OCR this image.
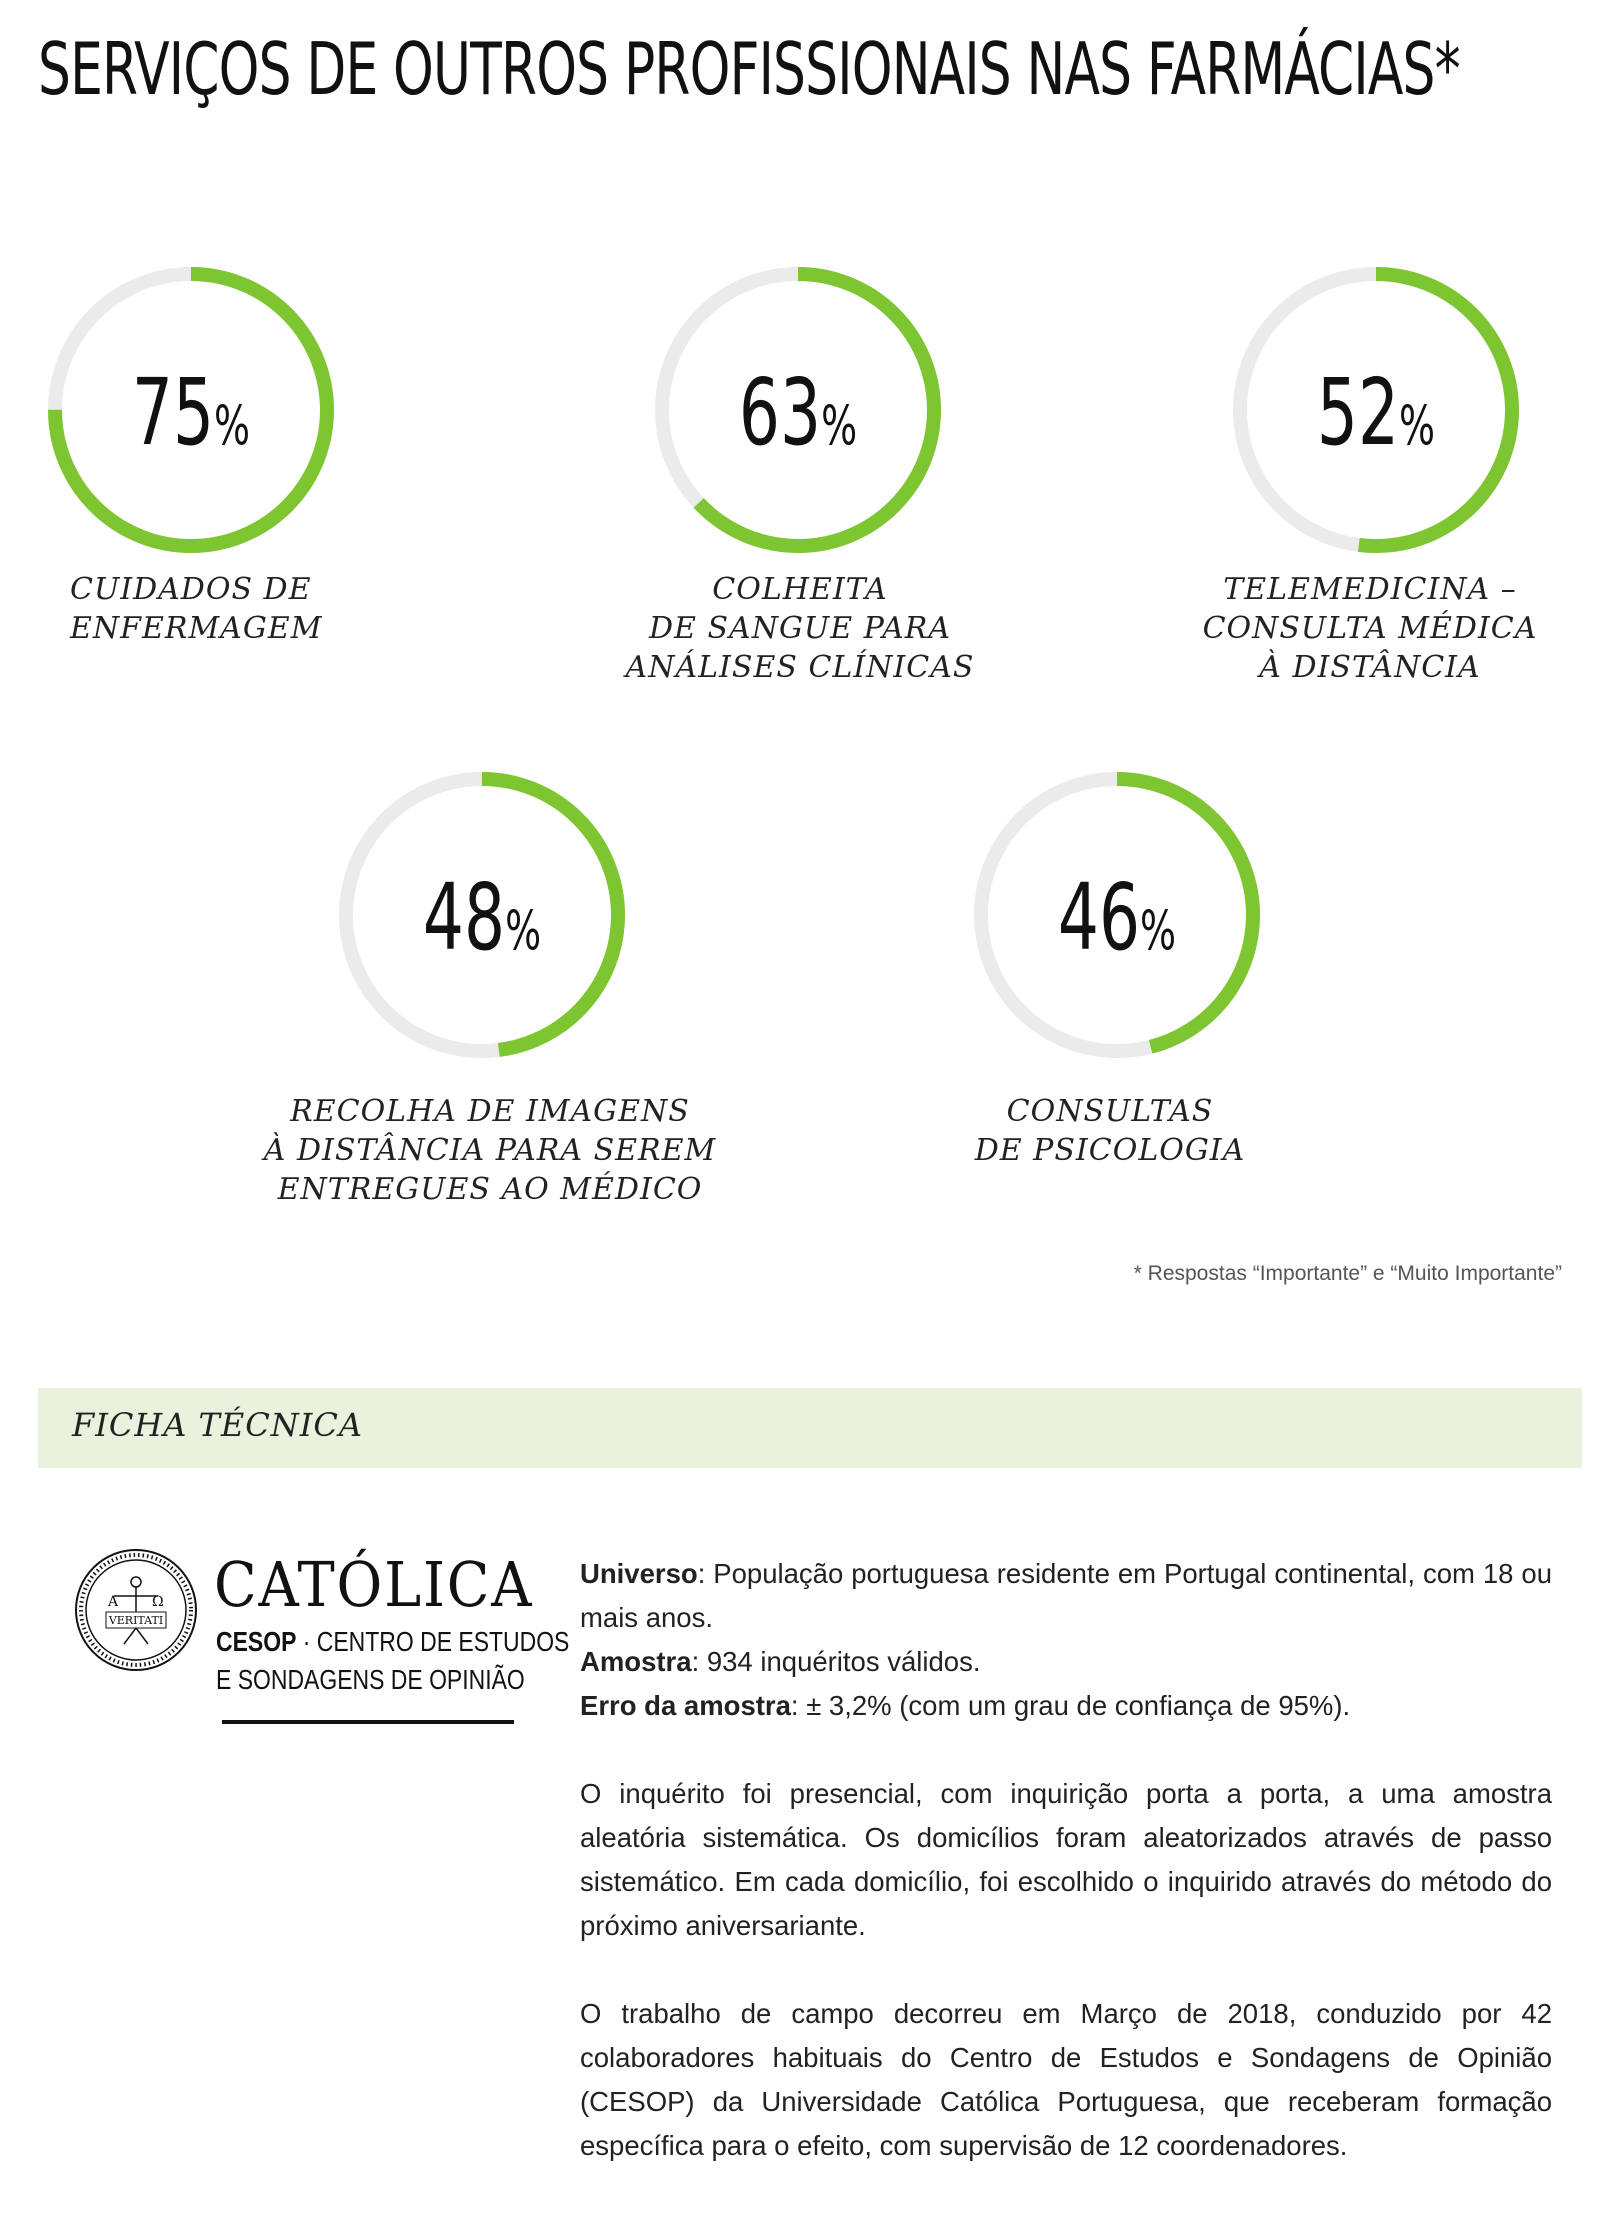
SERVIÇOS DE OUTROS PROFISSIONAIS NAS FARMÁCIAS*
75%	63%	52%
48%	46%
CUIDADOS DE
ENFERMAGEM
COLHEITA
DE SANGUE PARA
ANÁLISES CLÍNICAS
TELEMEDICINA –
CONSULTA MÉDICA
À DISTÂNCIA
RECOLHA DE IMAGENS
À DISTÂNCIA PARA SEREM
ENTREGUES AO MÉDICO
CONSULTAS
DE PSICOLOGIA
* Respostas “Importante” e “Muito Importante”
FICHA TÉCNICA
A Ω
VERITATI CATÓLICA
CESOP · CENTRO DE ESTUDOS
E SONDAGENS DE OPINIÃO

Universo: População portuguesa residente em Portugal continental, com 18 ou mais anos.

Amostra: 934 inquéritos válidos.

Erro da amostra: ± 3,2% (com um grau de confiança de 95%).

O inquérito foi presencial, com inquirição porta a porta, a uma amostra aleatória sistemática. Os domicílios foram aleatorizados através de passo sistemático. Em cada domicílio, foi escolhido o inquirido através do método do próximo aniversariante.

O trabalho de campo decorreu em Março de 2018, conduzido por 42 colaboradores habituais do Centro de Estudos e Sondagens de Opinião (CESOP) da Universidade Católica Portuguesa, que receberam formação específica para o efeito, com supervisão de 12 coordenadores.
